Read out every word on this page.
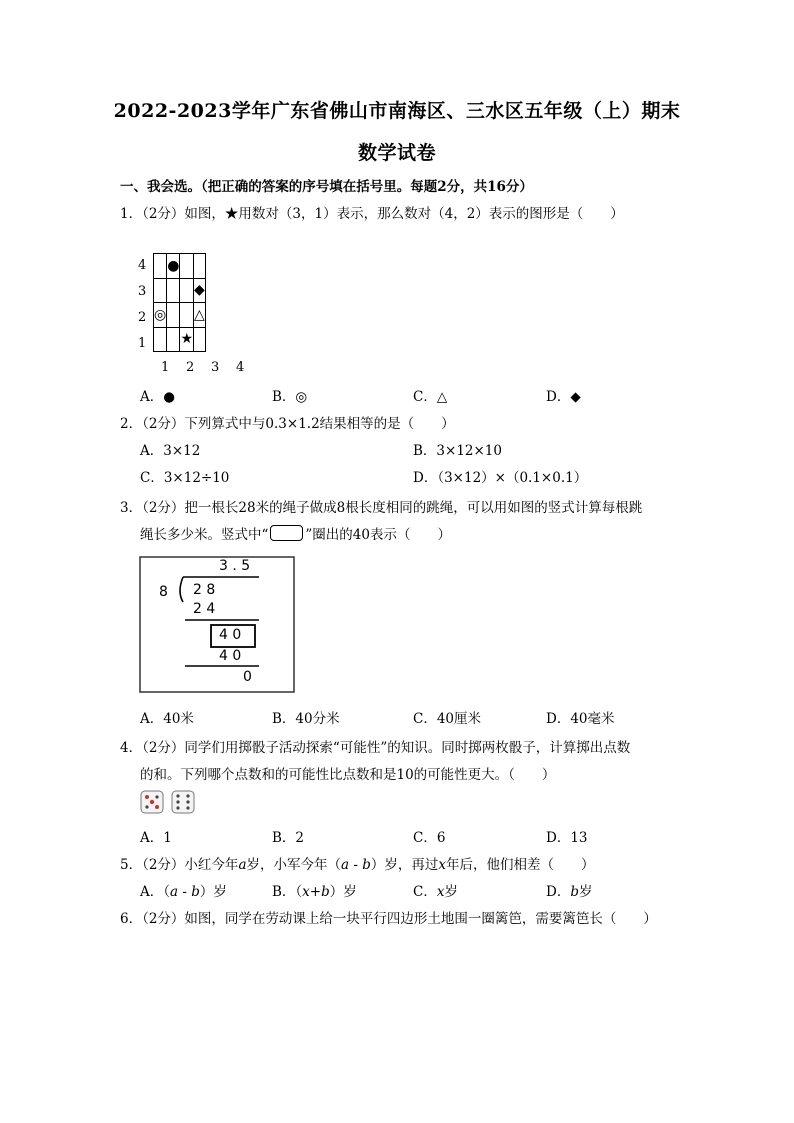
2022-2023学年广东省佛山市南海区、三水区五年级（上）期末
数学试卷
一、我会选。（把正确的答案的序号填在括号里。每题2分，共16分）
1．（2分）如图，★用数对（3，1）表示，那么数对（4，2）表示的图形是（　　）
4
3
2
1
	●		
			◆
◎			△
		★	
1 2 3 4
A．●	B．◎	C．△	D．◆
2．（2分）下列算式中与0.3×1.2结果相等的是（　　）
A．3×12	B．3×12×10
C．3×12÷10	D．（3×12）×（0.1×0.1）
3．（2分）把一根长28米的绳子做成8根长度相同的跳绳，可以用如图的竖式计算每根跳
绳长多少米。竖式中“	”圈出的40表示（　　）
3 . 5
8 2 8
2 4
4 0
4 0
0
A．40米	B．40分米	C．40厘米	D．40毫米
4．（2分）同学们用掷骰子活动探索“可能性”的知识。同时掷两枚骰子，计算掷出点数
的和。下列哪个点数和的可能性比点数和是10的可能性更大。（　　）
A．1	B．2	C．6	D．13
5．（2分）小红今年a岁，小军今年（a - b）岁，再过x年后，他们相差（　　）
A．（a - b）岁	B．（x+b）岁	C．x岁	D．b岁
6．（2分）如图，同学在劳动课上给一块平行四边形土地围一圈篱笆，需要篱笆长（　　）
